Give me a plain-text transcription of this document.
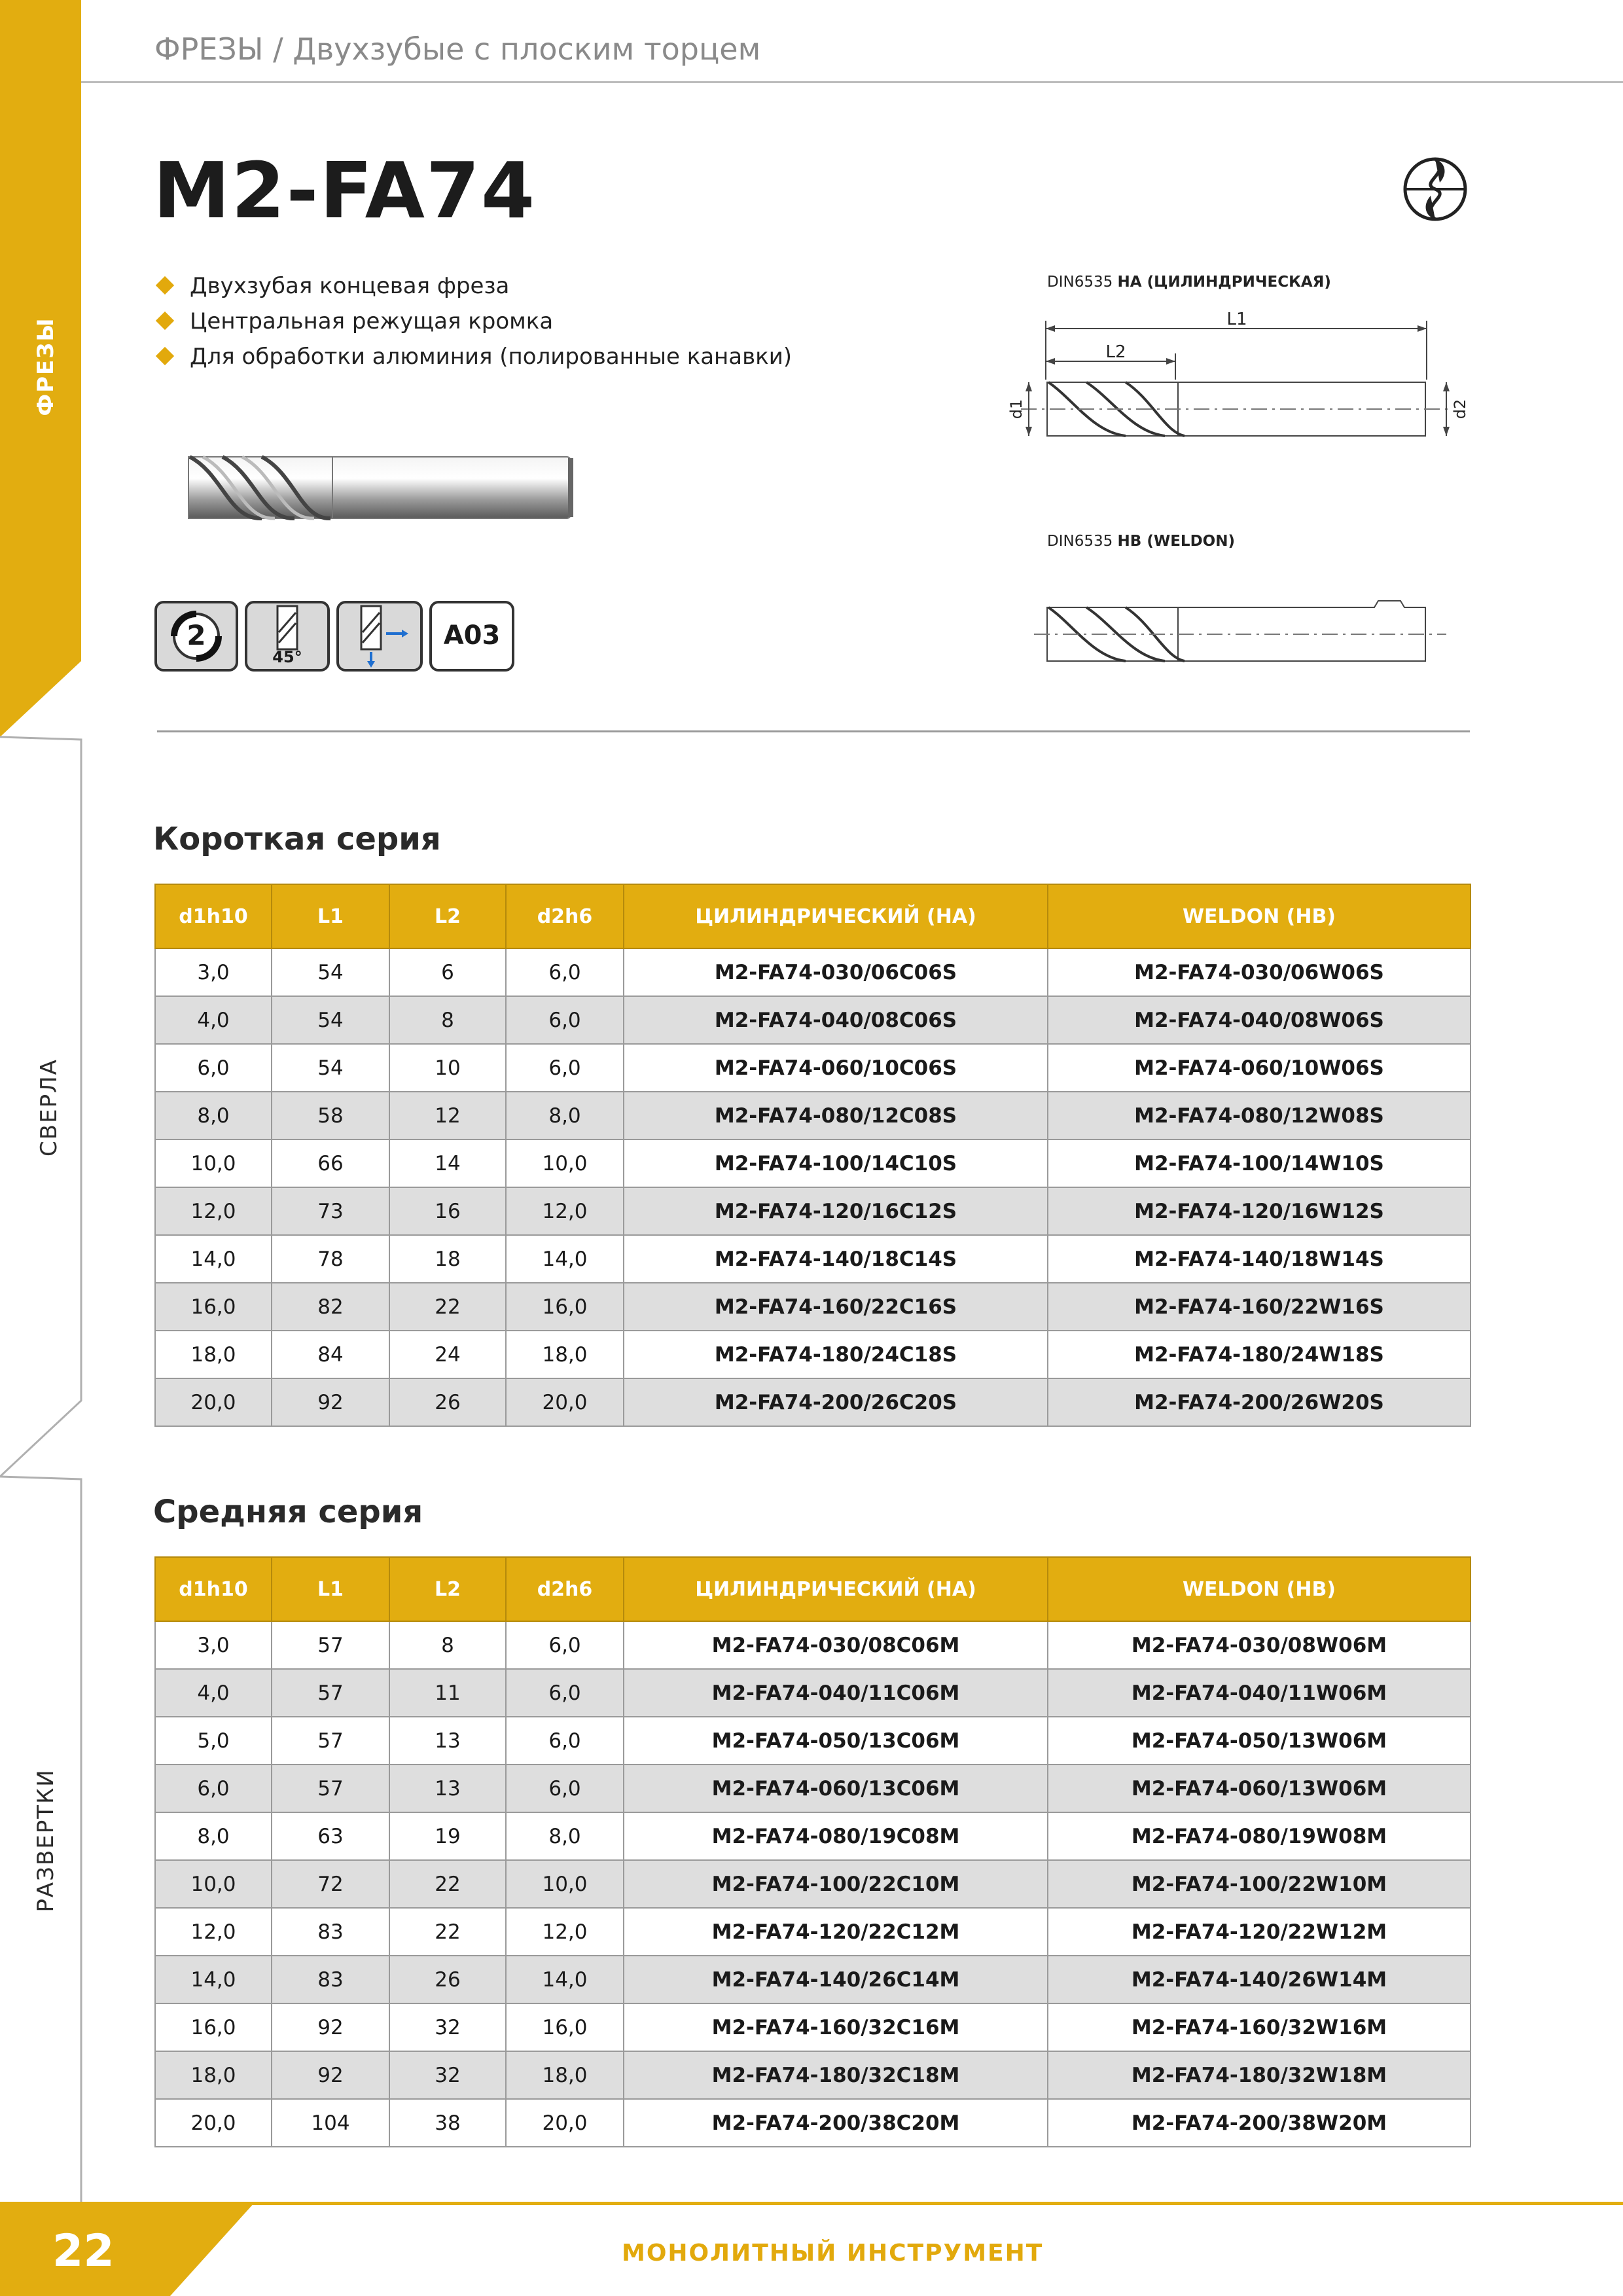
ФРЕЗЫ
СВЕРЛА
РАЗВЕРТКИ
ФРЕЗЫ / Двухзубые с плоским торцем
M2-FA74
Двухзубая концевая фреза
Центральная режущая кромка
Для обработки алюминия (полированные канавки)
2
45°
A03
DIN6535 HA (ЦИЛИНДРИЧЕСКАЯ)
L1
L2
d1	d2
DIN6535 HB (WELDON)
Короткая серия
d1h10	L1	L2	d2h6	ЦИЛИНДРИЧЕСКИЙ (HA)	WELDON (HB)
3,0	54	6	6,0	M2-FA74-030/06C06S	M2-FA74-030/06W06S
4,0	54	8	6,0	M2-FA74-040/08C06S	M2-FA74-040/08W06S
6,0	54	10	6,0	M2-FA74-060/10C06S	M2-FA74-060/10W06S
8,0	58	12	8,0	M2-FA74-080/12C08S	M2-FA74-080/12W08S
10,0	66	14	10,0	M2-FA74-100/14C10S	M2-FA74-100/14W10S
12,0	73	16	12,0	M2-FA74-120/16C12S	M2-FA74-120/16W12S
14,0	78	18	14,0	M2-FA74-140/18C14S	M2-FA74-140/18W14S
16,0	82	22	16,0	M2-FA74-160/22C16S	M2-FA74-160/22W16S
18,0	84	24	18,0	M2-FA74-180/24C18S	M2-FA74-180/24W18S
20,0	92	26	20,0	M2-FA74-200/26C20S	M2-FA74-200/26W20S
Средняя серия
d1h10	L1	L2	d2h6	ЦИЛИНДРИЧЕСКИЙ (HA)	WELDON (HB)
3,0	57	8	6,0	M2-FA74-030/08C06M	M2-FA74-030/08W06M
4,0	57	11	6,0	M2-FA74-040/11C06M	M2-FA74-040/11W06M
5,0	57	13	6,0	M2-FA74-050/13C06M	M2-FA74-050/13W06M
6,0	57	13	6,0	M2-FA74-060/13C06M	M2-FA74-060/13W06M
8,0	63	19	8,0	M2-FA74-080/19C08M	M2-FA74-080/19W08M
10,0	72	22	10,0	M2-FA74-100/22C10M	M2-FA74-100/22W10M
12,0	83	22	12,0	M2-FA74-120/22C12M	M2-FA74-120/22W12M
14,0	83	26	14,0	M2-FA74-140/26C14M	M2-FA74-140/26W14M
16,0	92	32	16,0	M2-FA74-160/32C16M	M2-FA74-160/32W16M
18,0	92	32	18,0	M2-FA74-180/32C18M	M2-FA74-180/32W18M
20,0	104	38	20,0	M2-FA74-200/38C20M	M2-FA74-200/38W20M
22	МОНОЛИТНЫЙ ИНСТРУМЕНТ
